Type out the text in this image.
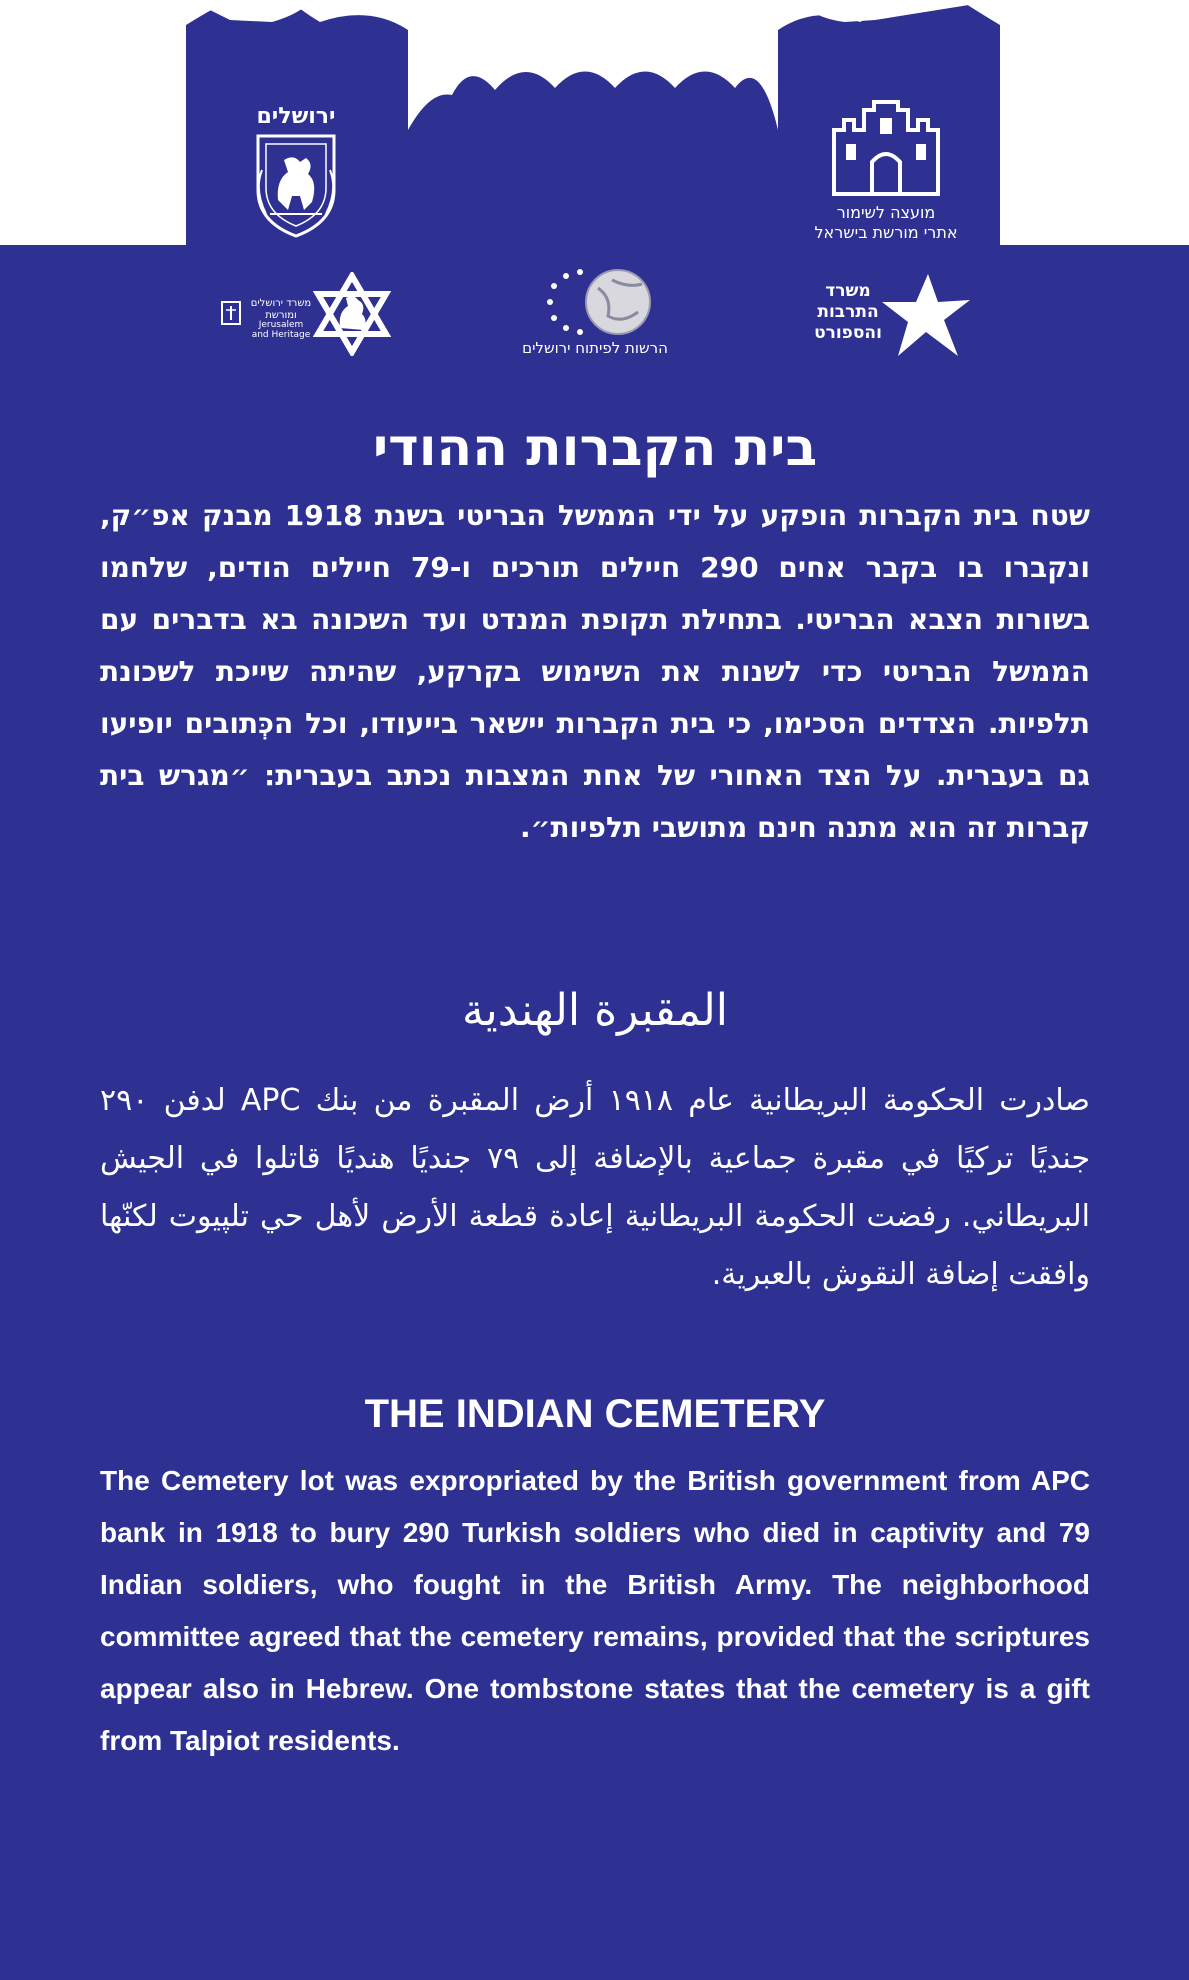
ירושלים
מועצה לשימור
אתרי מורשת בישראל
משרד ירושלים
ומורשת
Jerusalem
and Heritage
הרשות לפיתוח ירושלים
משרד
התרבות
והספורט
בית הקברות ההודי
שטח בית הקברות הופקע על ידי הממשל הבריטי בשנת 1918 מבנק אפ״ק, ונקברו בו בקבר אחים 290 חיילים תורכים ו-79 חיילים הודים, שלחמו בשורות הצבא הבריטי. בתחילת תקופת המנדט ועד השכונה בא בדברים עם הממשל הבריטי כדי לשנות את השימוש בקרקע, שהיתה שייכת לשכונת תלפיות. הצדדים הסכימו, כי בית הקברות יישאר בייעודו, וכל הכְּתובים יופיעו גם בעברית. על הצד האחורי של אחת המצבות נכתב בעברית: ״מגרש בית קברות זה הוא מתנה חינם מתושבי תלפיות״.
المقبرة الهندية
صادرت الحكومة البريطانية عام ١٩١٨ أرض المقبرة من بنك APC لدفن ٢٩٠ جنديًا تركيًا في مقبرة جماعية بالإضافة إلى ٧٩ جنديًا هنديًا قاتلوا في الجيش البريطاني. رفضت الحكومة البريطانية إعادة قطعة الأرض لأهل حي تلپيوت لكنّها وافقت إضافة النقوش بالعبرية.
THE INDIAN CEMETERY
The Cemetery lot was expropriated by the British government from APC bank in 1918 to bury 290 Turkish soldiers who died in captivity and 79 Indian soldiers, who fought in the British Army. The neighborhood committee agreed that the cemetery remains, provided that the scriptures appear also in Hebrew. One tombstone states that the cemetery is a gift from Talpiot residents.
